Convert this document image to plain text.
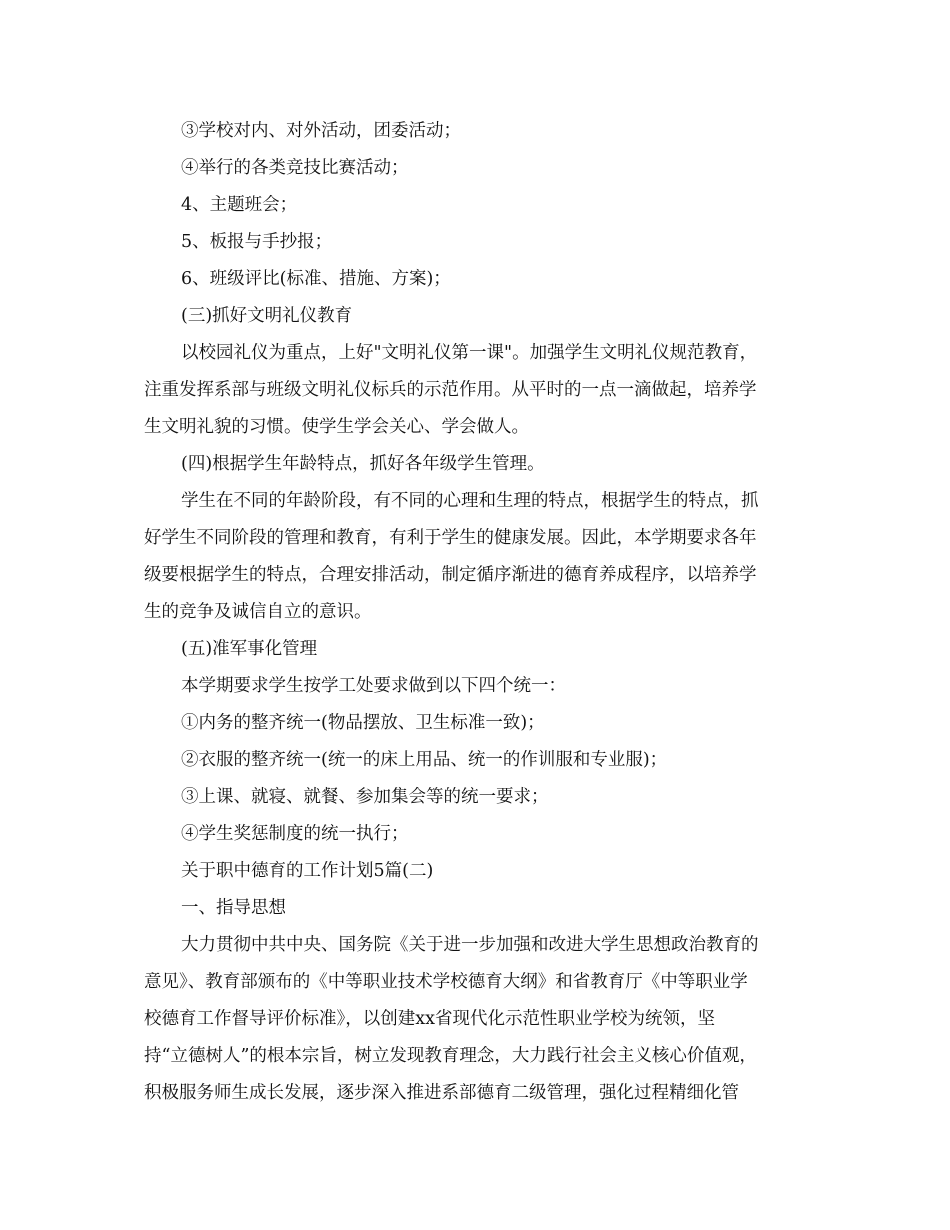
③学校对内、对外活动，团委活动；
④举行的各类竞技比赛活动；
4、主题班会；
5、板报与手抄报；
6、班级评比(标准、措施、方案)；
(三)抓好文明礼仪教育
以校园礼仪为重点，上好"文明礼仪第一课"。加强学生文明礼仪规范教育，
注重发挥系部与班级文明礼仪标兵的示范作用。从平时的一点一滴做起，培养学
生文明礼貌的习惯。使学生学会关心、学会做人。
(四)根据学生年龄特点，抓好各年级学生管理。
学生在不同的年龄阶段，有不同的心理和生理的特点，根据学生的特点，抓
好学生不同阶段的管理和教育，有利于学生的健康发展。因此，本学期要求各年
级要根据学生的特点，合理安排活动，制定循序渐进的德育养成程序，以培养学
生的竞争及诚信自立的意识。
(五)准军事化管理
本学期要求学生按学工处要求做到以下四个统一：
①内务的整齐统一(物品摆放、卫生标准一致)；
②衣服的整齐统一(统一的床上用品、统一的作训服和专业服)；
③上课、就寝、就餐、参加集会等的统一要求；
④学生奖惩制度的统一执行；
关于职中德育的工作计划5篇(二)
一、指导思想
大力贯彻中共中央、国务院《关于进一步加强和改进大学生思想政治教育的
意见》、教育部颁布的《中等职业技术学校德育大纲》和省教育厅《中等职业学
校德育工作督导评价标准》，以创建xx省现代化示范性职业学校为统领，坚
持“立德树人”的根本宗旨，树立发现教育理念，大力践行社会主义核心价值观，
积极服务师生成长发展，逐步深入推进系部德育二级管理，强化过程精细化管
